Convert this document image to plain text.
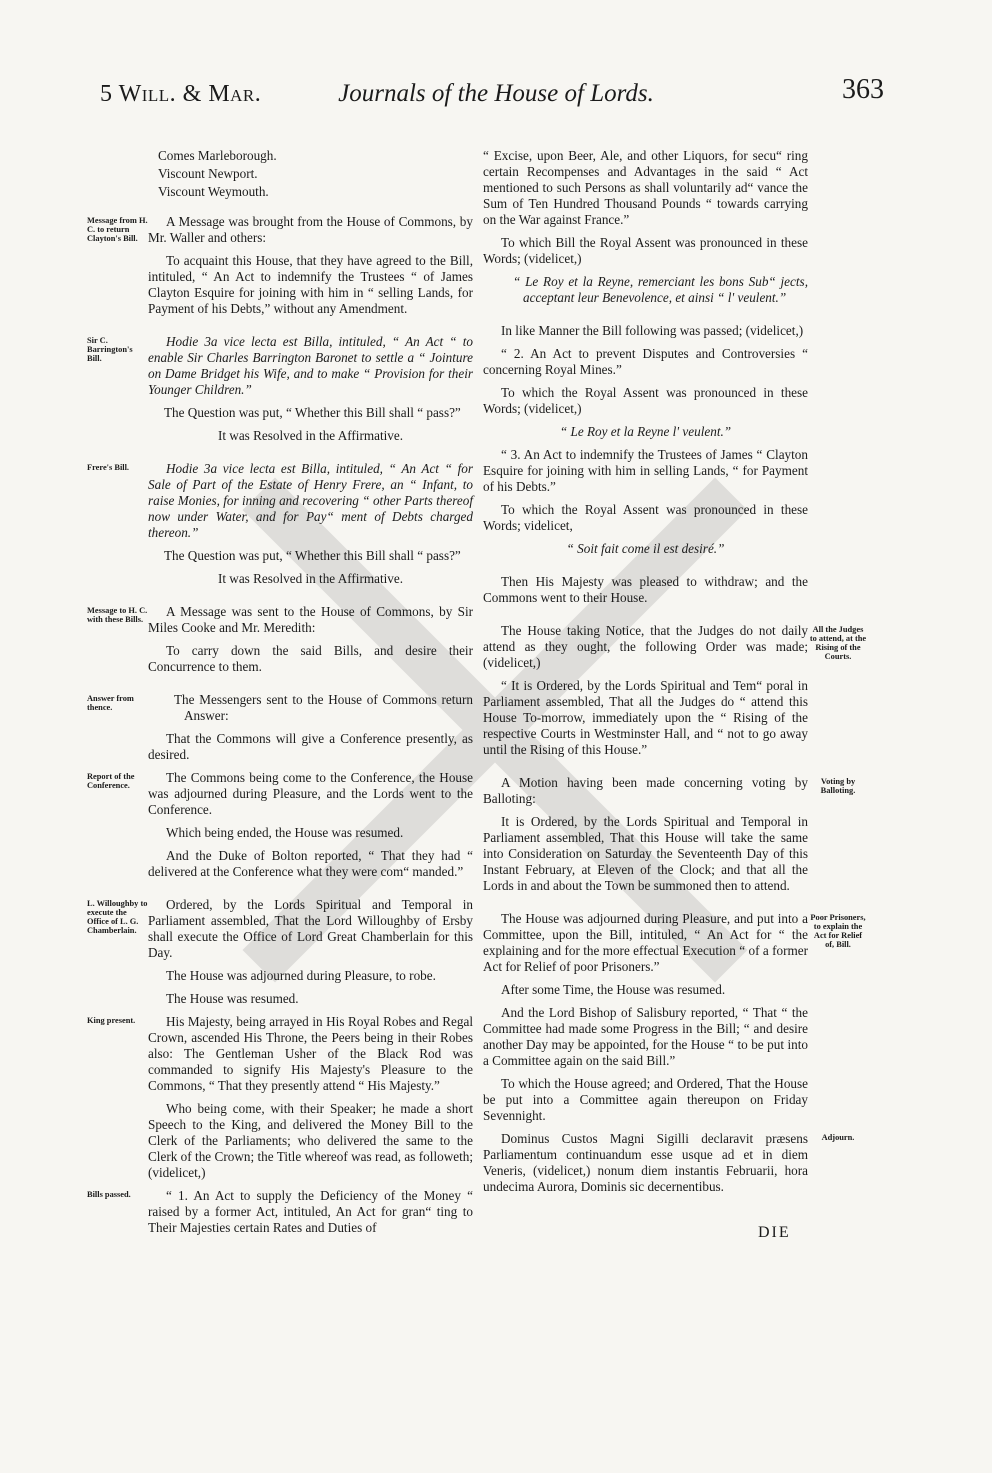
5 Will. & Mar.	Journals of the House of Lords.	363

Comes Marleborough.

Viscount Newport.

Viscount Weymouth.

Message from H. C. to return Clayton's Bill.

A Message was brought from the House of Commons, by Mr. Waller and others:

To acquaint this House, that they have agreed to the Bill, intituled, “ An Act to indemnify the Trustees “ of James Clayton Esquire for joining with him in “ selling Lands, for Payment of his Debts,” without any Amendment.

Sir C. Barrington's Bill.

Hodie 3a vice lecta est Billa, intituled, “ An Act “ to enable Sir Charles Barrington Baronet to settle a “ Jointure on Dame Bridget his Wife, and to make “ Provision for their Younger Children.”

The Question was put, “ Whether this Bill shall “ pass?”

It was Resolved in the Affirmative.

Frere's Bill.	Hodie 3a vice lecta est Billa, intituled, “ An Act “ for Sale of Part of the Estate of Henry Frere, an “ Infant, to raise Monies, for inning and recovering “ other Parts thereof now under Water, and for Pay“ ment of Debts charged thereon.”

The Question was put, “ Whether this Bill shall “ pass?”

It was Resolved in the Affirmative.

Message to H. C. with these Bills.

A Message was sent to the House of Commons, by Sir Miles Cooke and Mr. Meredith:

To carry down the said Bills, and desire their Concurrence to them.

Answer from thence.

The Messengers sent to the House of Commons return Answer:

That the Commons will give a Conference presently, as desired.

Report of the Conference.

The Commons being come to the Conference, the House was adjourned during Pleasure, and the Lords went to the Conference.

Which being ended, the House was resumed.

And the Duke of Bolton reported, “ That they had “ delivered at the Conference what they were com“ manded.”

L. Willoughby to execute the Office of L. G. Chamberlain.

Ordered, by the Lords Spiritual and Temporal in Parliament assembled, That the Lord Willoughby of Ersby shall execute the Office of Lord Great Chamberlain for this Day.

The House was adjourned during Pleasure, to robe.

The House was resumed.

King present.	His Majesty, being arrayed in His Royal Robes and Regal Crown, ascended His Throne, the Peers being in their Robes also: The Gentleman Usher of the Black Rod was commanded to signify His Majesty's Pleasure to the Commons, “ That they presently attend “ His Majesty.”

Who being come, with their Speaker; he made a short Speech to the King, and delivered the Money Bill to the Clerk of the Parliaments; who delivered the same to the Clerk of the Crown; the Title whereof was read, as followeth; (videlicet,)

Bills passed.	“ 1. An Act to supply the Deficiency of the Money “ raised by a former Act, intituled, An Act for gran“ ting to Their Majesties certain Rates and Duties of

“ Excise, upon Beer, Ale, and other Liquors, for secu“ ring certain Recompenses and Advantages in the said “ Act mentioned to such Persons as shall voluntarily ad“ vance the Sum of Ten Hundred Thousand Pounds “ towards carrying on the War against France.”

To which Bill the Royal Assent was pronounced in these Words; (videlicet,)

“ Le Roy et la Reyne, remerciant les bons Sub“ jects, acceptant leur Benevolence, et ainsi “ l' veulent.”

In like Manner the Bill following was passed; (videlicet,)

“ 2. An Act to prevent Disputes and Controversies “ concerning Royal Mines.”

To which the Royal Assent was pronounced in these Words; (videlicet,)

“ Le Roy et la Reyne l' veulent.”

“ 3. An Act to indemnify the Trustees of James “ Clayton Esquire for joining with him in selling Lands, “ for Payment of his Debts.”

To which the Royal Assent was pronounced in these Words; videlicet,

“ Soit fait come il est desiré.”

Then His Majesty was pleased to withdraw; and the Commons went to their House.

All the Judges to attend, at the Rising of the Courts.

The House taking Notice, that the Judges do not daily attend as they ought, the following Order was made; (videlicet,)

“ It is Ordered, by the Lords Spiritual and Tem“ poral in Parliament assembled, That all the Judges do “ attend this House To-morrow, immediately upon the “ Rising of the respective Courts in Westminster Hall, and “ not to go away until the Rising of this House.”

Voting by Balloting.

A Motion having been made concerning voting by Balloting:

It is Ordered, by the Lords Spiritual and Temporal in Parliament assembled, That this House will take the same into Consideration on Saturday the Seventeenth Day of this Instant February, at Eleven of the Clock; and that all the Lords in and about the Town be summoned then to attend.

Poor Prisoners, to explain the Act for Relief of, Bill.

The House was adjourned during Pleasure, and put into a Committee, upon the Bill, intituled, “ An Act for “ the explaining and for the more effectual Execution “ of a former Act for Relief of poor Prisoners.”

After some Time, the House was resumed.

And the Lord Bishop of Salisbury reported, “ That “ the Committee had made some Progress in the Bill; “ and desire another Day may be appointed, for the House “ to be put into a Committee again on the said Bill.”

To which the House agreed; and Ordered, That the House be put into a Committee again thereupon on Friday Sevennight.

Adjourn.

Dominus Custos Magni Sigilli declaravit præsens Parliamentum continuandum esse usque ad et in diem Veneris, (videlicet,) nonum diem instantis Februarii, hora undecima Aurora, Dominis sic decernentibus.

DIE
